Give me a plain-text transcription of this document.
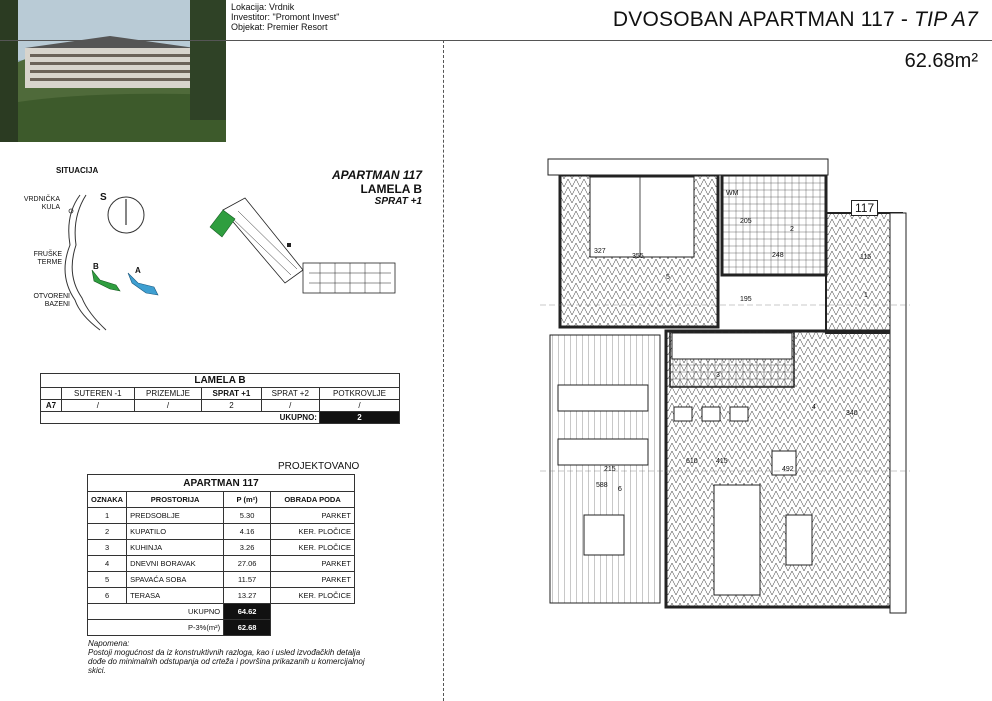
Lokacija: Vrdnik
Investitor: "Promont Invest"
Objekat: Premier Resort	DVOSOBAN APARTMAN 117 - TIP A7
62.68m²
SITUACIJA
S
B	A
VRDNIČKA KULA
FRUŠKE TERME
OTVORENI BAZENI
APARTMAN 117
LAMELA B
SPRAT +1
LAMELA B					
	SUTEREN -1	PRIZEMLJE	SPRAT +1	SPRAT +2	POTKROVLJE
A7	/	/	2	/	/
UKUPNO:					2
PROJEKTOVANO
APARTMAN 117			
OZNAKA	PROSTORIJA	P (m²)	OBRADA PODA
1	PREDSOBLJE	5.30	PARKET
2	KUPATILO	4.16	KER. PLOČICE
3	KUHINJA	3.26	KER. PLOČICE
4	DNEVNI BORAVAK	27.06	PARKET
5	SPAVAĆA SOBA	11.57	PARKET
6	TERASA	13.27	KER. PLOČICE
UKUPNO		64.62	
P-3%(m²)		62.68	
Napomena:
Postoji mogućnost da iz konstruktivnih razloga, kao i usled izvođačkih detalja dođe do minimalnih odstupanja od crteža i površina prikazanih u komercijalnoj skici.
117
WM
355
327
205
248	115
195
340
415
610
492
215
588
1
2
3
4
5
6
